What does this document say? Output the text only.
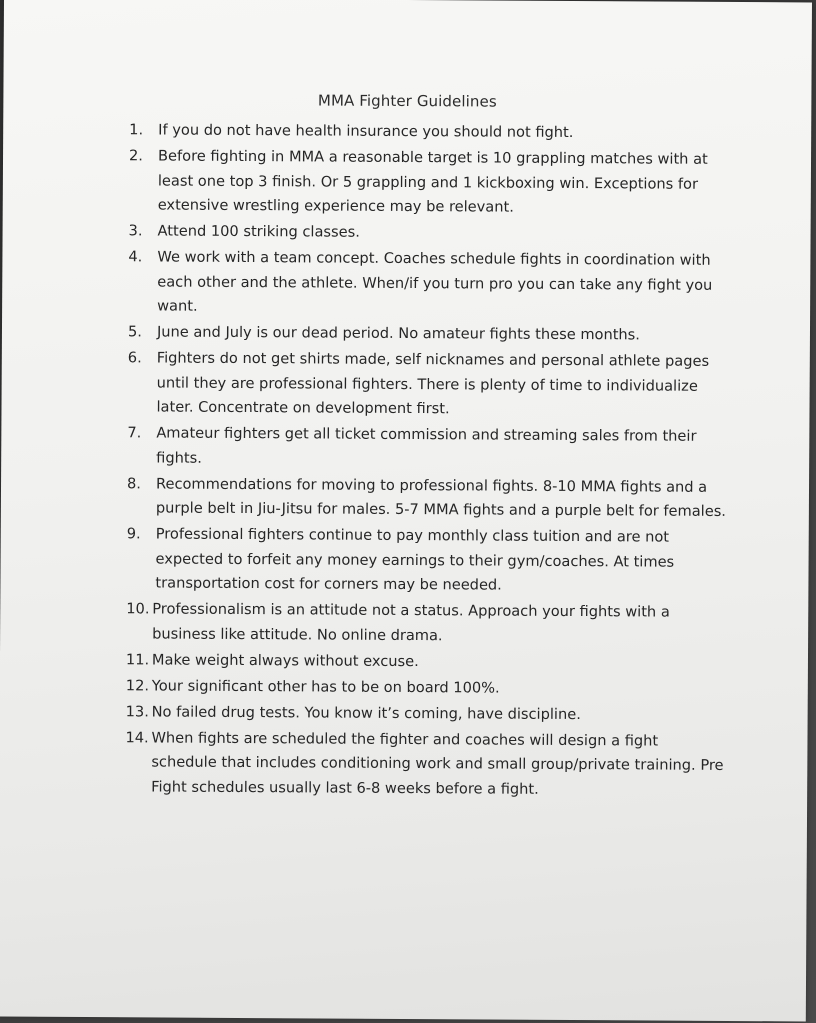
MMA Fighter Guidelines
1. If you do not have health insurance you should not fight.
2. Before fighting in MMA a reasonable target is 10 grappling matches with at least one top 3 finish. Or 5 grappling and 1 kickboxing win. Exceptions for extensive wrestling experience may be relevant.
3. Attend 100 striking classes.
4. We work with a team concept. Coaches schedule fights in coordination with each other and the athlete. When/if you turn pro you can take any fight you want.
5. June and July is our dead period. No amateur fights these months.
6. Fighters do not get shirts made, self nicknames and personal athlete pages until they are professional fighters. There is plenty of time to individualize later. Concentrate on development first.
7. Amateur fighters get all ticket commission and streaming sales from their fights.
8. Recommendations for moving to professional fights. 8-10 MMA fights and a purple belt in Jiu-Jitsu for males. 5-7 MMA fights and a purple belt for females.
9. Professional fighters continue to pay monthly class tuition and are not expected to forfeit any money earnings to their gym/coaches. At times transportation cost for corners may be needed.
10. Professionalism is an attitude not a status. Approach your fights with a business like attitude. No online drama.
11. Make weight always without excuse.
12. Your significant other has to be on board 100%.
13. No failed drug tests. You know it’s coming, have discipline.
14. When fights are scheduled the fighter and coaches will design a fight schedule that includes conditioning work and small group/private training. Pre Fight schedules usually last 6-8 weeks before a fight.
